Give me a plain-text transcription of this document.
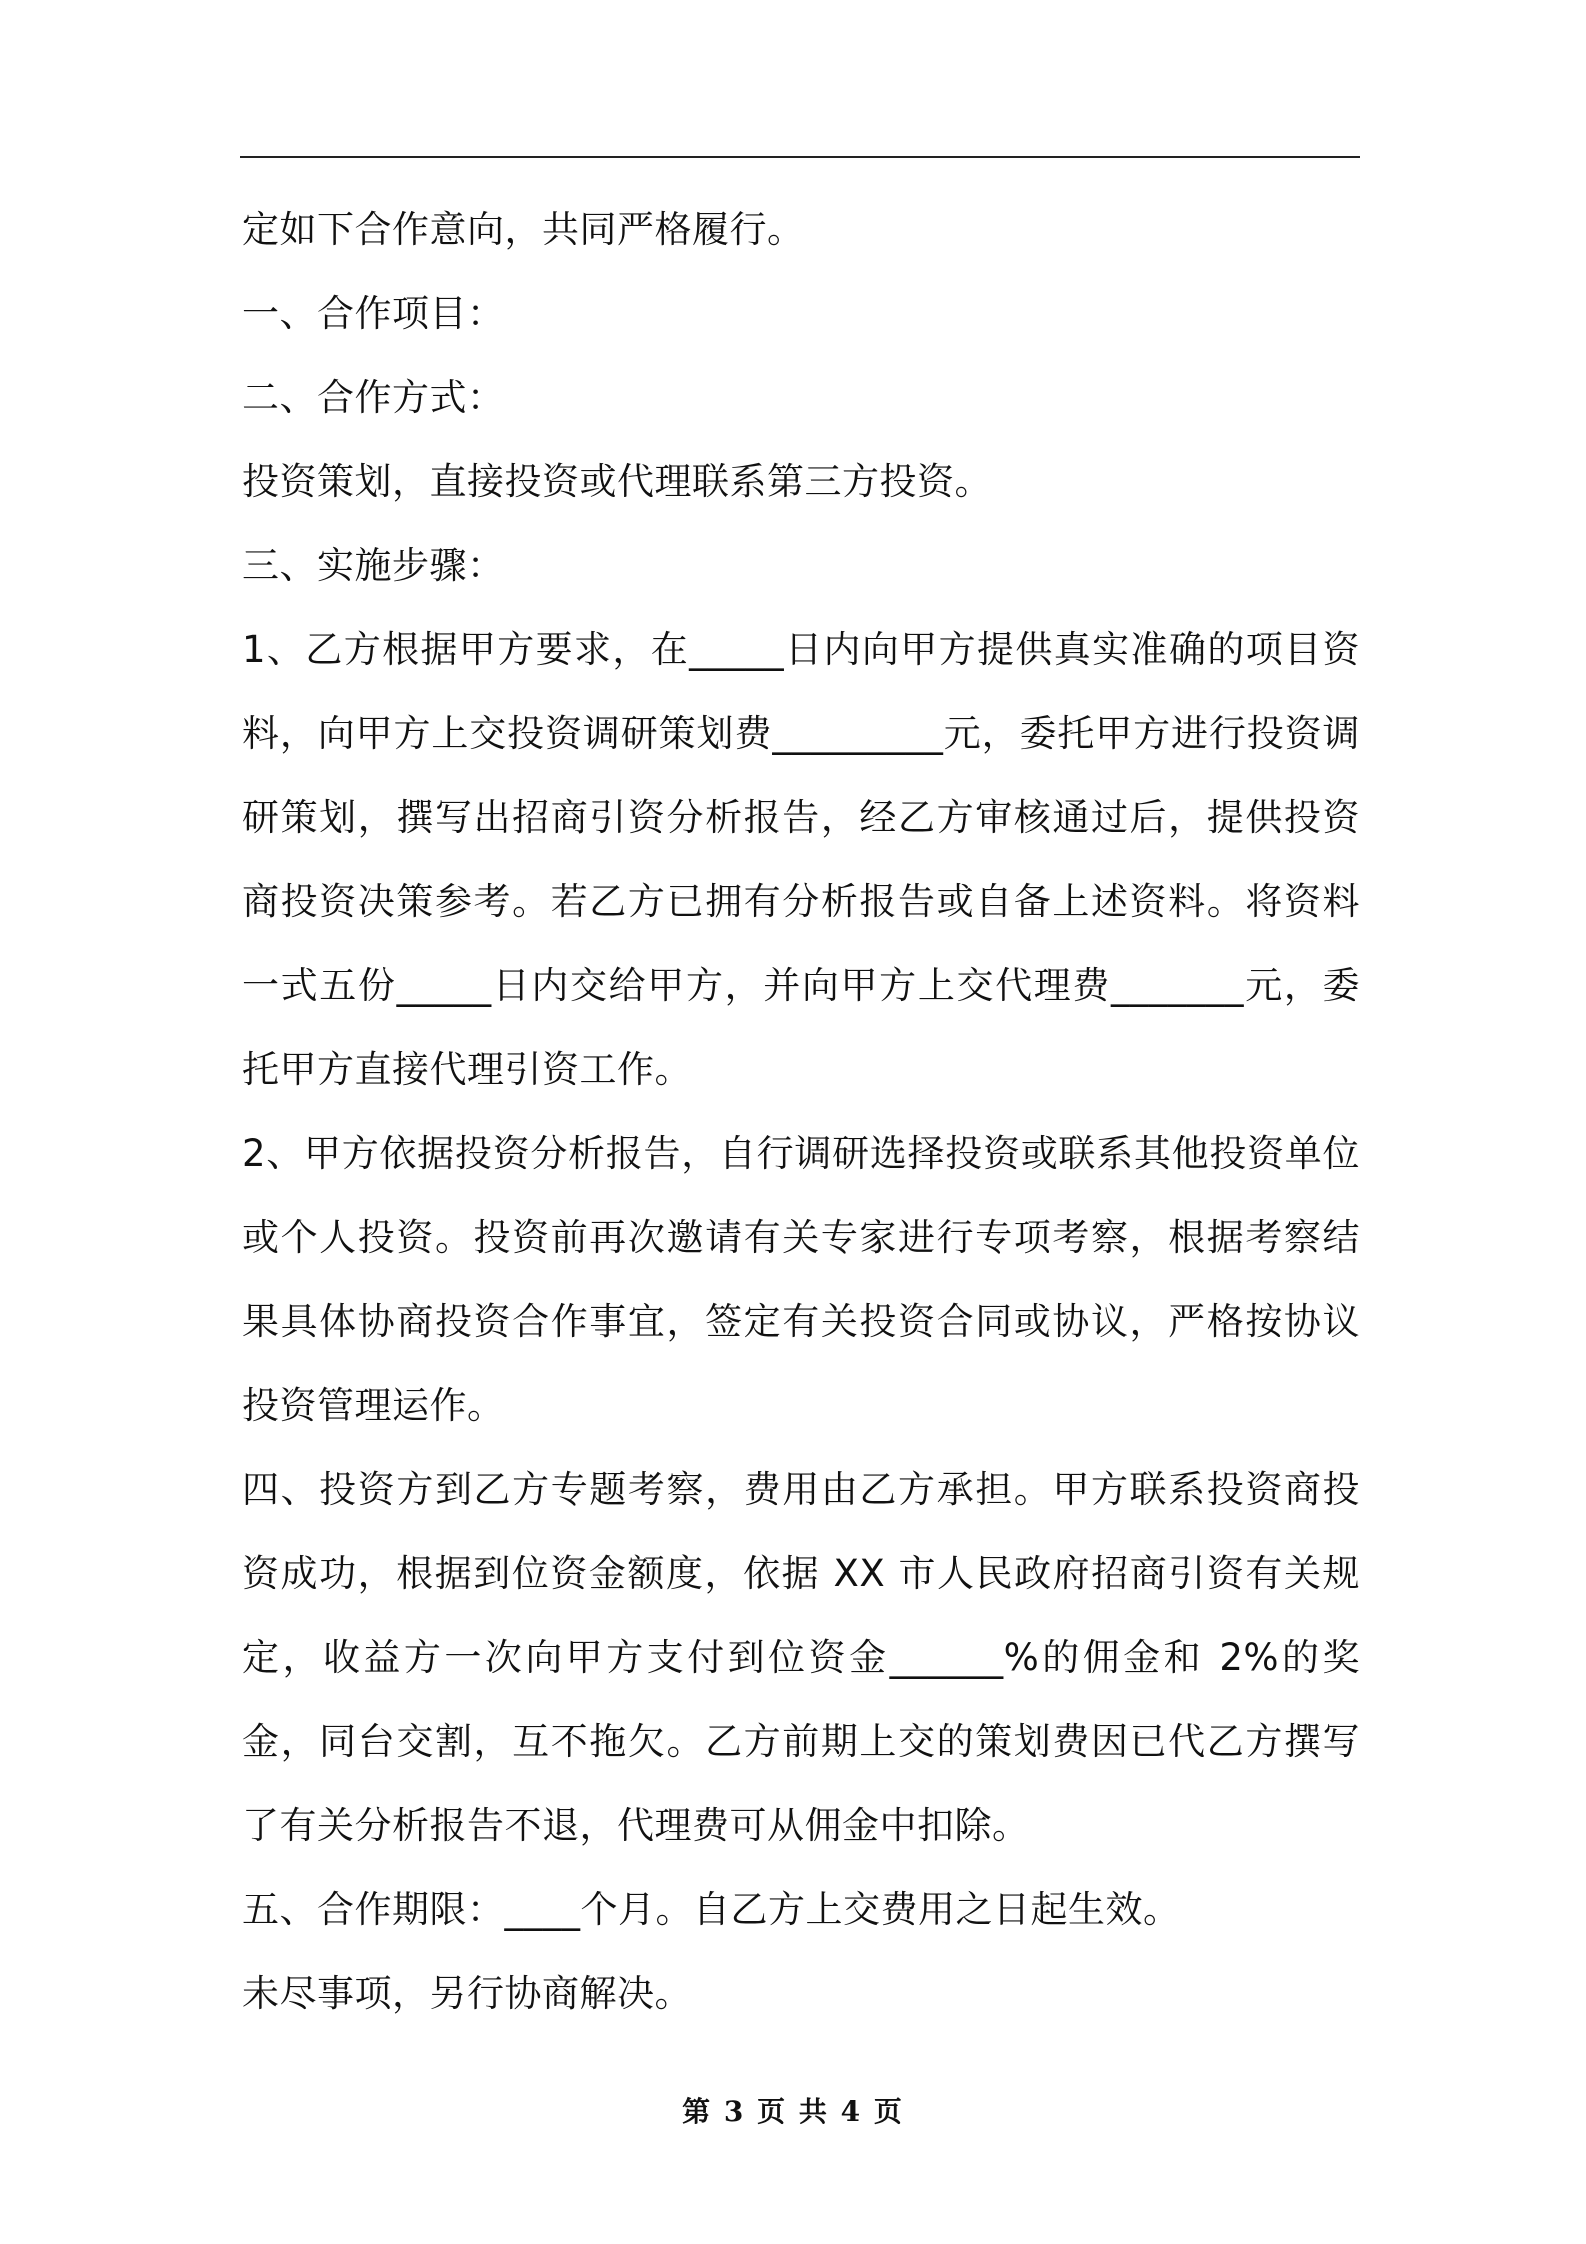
定如下合作意向，共同严格履行。

一、合作项目：

二、合作方式：

投资策划，直接投资或代理联系第三方投资。

三、实施步骤：

1、乙方根据甲方要求，在_____日内向甲方提供真实准确的项目资料，向甲方上交投资调研策划费_________元，委托甲方进行投资调研策划，撰写出招商引资分析报告，经乙方审核通过后，提供投资商投资决策参考。若乙方已拥有分析报告或自备上述资料。将资料一式五份_____日内交给甲方，并向甲方上交代理费_______元，委托甲方直接代理引资工作。

2、甲方依据投资分析报告，自行调研选择投资或联系其他投资单位或个人投资。投资前再次邀请有关专家进行专项考察，根据考察结果具体协商投资合作事宜，签定有关投资合同或协议，严格按协议投资管理运作。

四、投资方到乙方专题考察，费用由乙方承担。甲方联系投资商投资成功，根据到位资金额度，依据 XX 市人民政府招商引资有关规定，收益方一次向甲方支付到位资金______%的佣金和 2%的奖金，同台交割，互不拖欠。乙方前期上交的策划费因已代乙方撰写了有关分析报告不退，代理费可从佣金中扣除。

五、合作期限：____个月。自乙方上交费用之日起生效。

未尽事项，另行协商解决。

第 3 页 共 4 页
